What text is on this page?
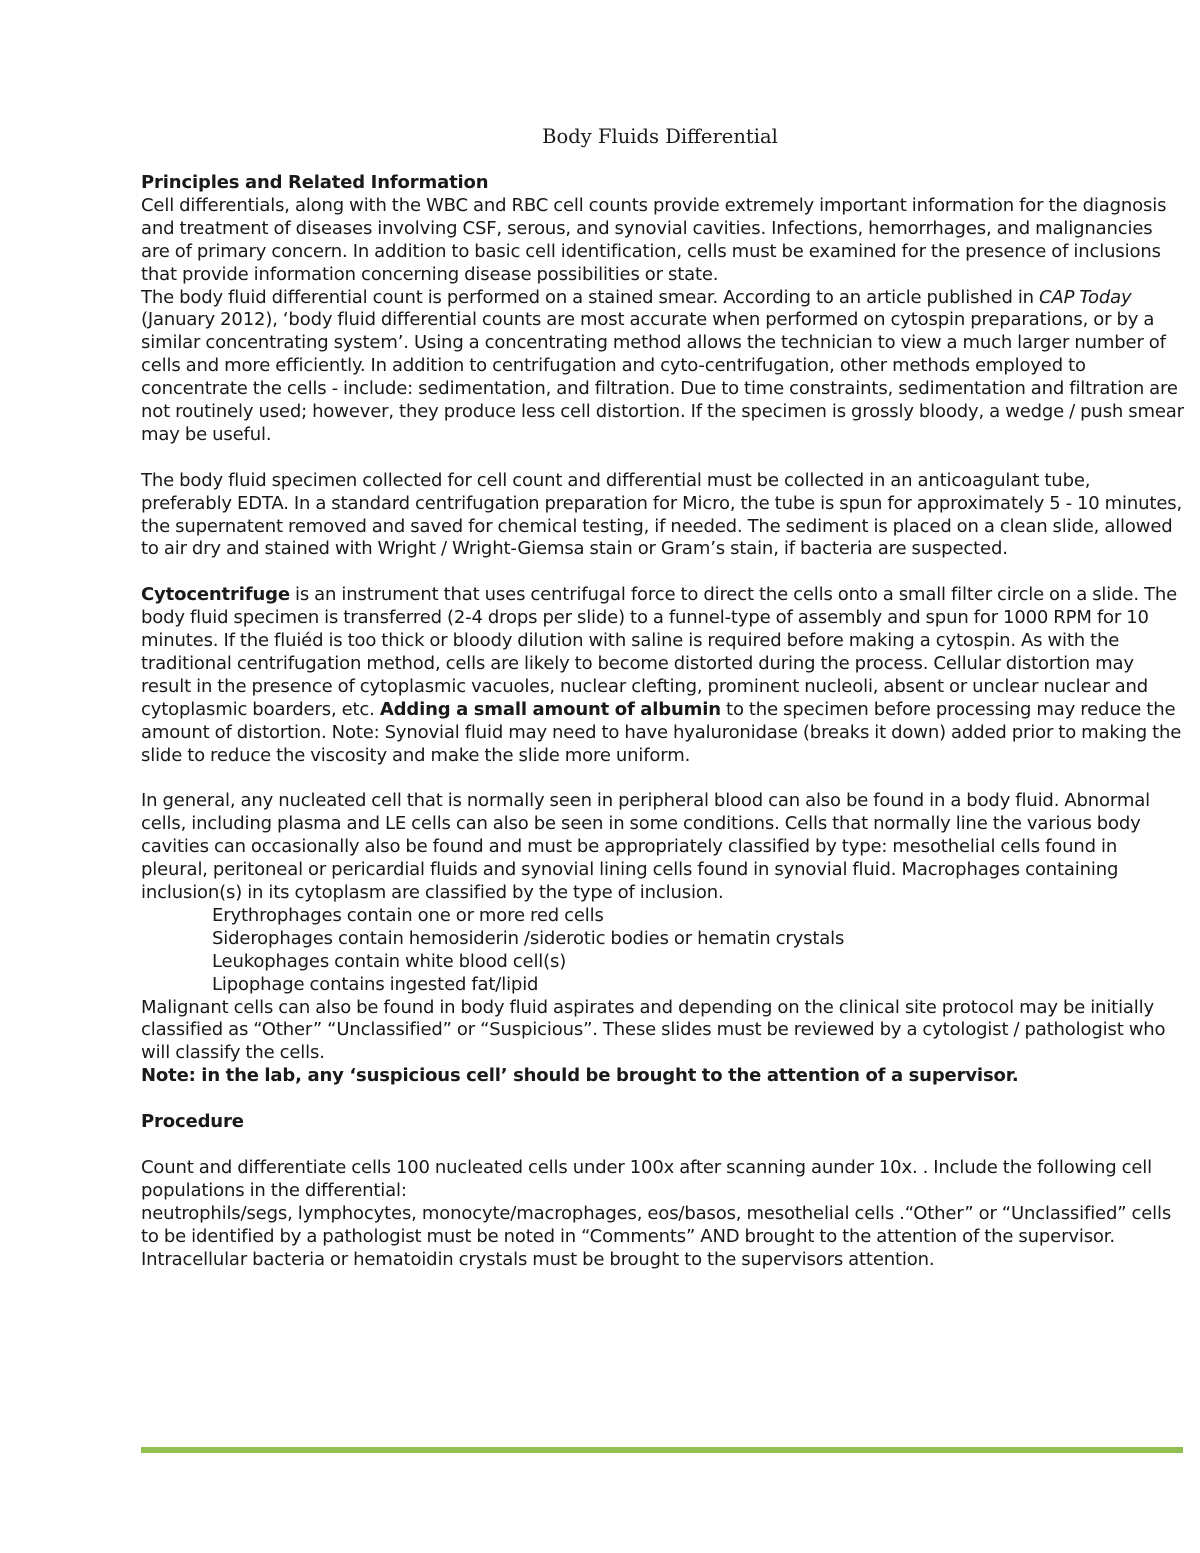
Body Fluids Differential

Principles and Related Information

Cell differentials, along with the WBC and RBC cell counts provide extremely important information for the diagnosis and treatment of diseases involving CSF, serous, and synovial cavities. Infections, hemorrhages, and malignancies are of primary concern. In addition to basic cell identification, cells must be examined for the presence of inclusions that provide information concerning disease possibilities or state.

The body fluid differential count is performed on a stained smear. According to an article published in CAP Today (January 2012), ‘body fluid differential counts are most accurate when performed on cytospin preparations, or by a similar concentrating system’. Using a concentrating method allows the technician to view a much larger number of cells and more efficiently. In addition to centrifugation and cyto-centrifugation, other methods employed to concentrate the cells - include: sedimentation, and filtration. Due to time constraints, sedimentation and filtration are not routinely used; however, they produce less cell distortion. If the specimen is grossly bloody, a wedge / push smear may be useful.

The body fluid specimen collected for cell count and differential must be collected in an anticoagulant tube, preferably EDTA. In a standard centrifugation preparation for Micro, the tube is spun for approximately 5 - 10 minutes, the supernatent removed and saved for chemical testing, if needed. The sediment is placed on a clean slide, allowed to air dry and stained with Wright / Wright-Giemsa stain or Gram’s stain, if bacteria are suspected.

Cytocentrifuge is an instrument that uses centrifugal force to direct the cells onto a small filter circle on a slide. The body fluid specimen is transferred (2-4 drops per slide) to a funnel-type of assembly and spun for 1000 RPM for 10 minutes. If the fluiéd is too thick or bloody dilution with saline is required before making a cytospin. As with the traditional centrifugation method, cells are likely to become distorted during the process. Cellular distortion may result in the presence of cytoplasmic vacuoles, nuclear clefting, prominent nucleoli, absent or unclear nuclear and cytoplasmic boarders, etc. Adding a small amount of albumin to the specimen before processing may reduce the amount of distortion. Note: Synovial fluid may need to have hyaluronidase (breaks it down) added prior to making the slide to reduce the viscosity and make the slide more uniform.

In general, any nucleated cell that is normally seen in peripheral blood can also be found in a body fluid. Abnormal cells, including plasma and LE cells can also be seen in some conditions. Cells that normally line the various body cavities can occasionally also be found and must be appropriately classified by type: mesothelial cells found in pleural, peritoneal or pericardial fluids and synovial lining cells found in synovial fluid. Macrophages containing inclusion(s) in its cytoplasm are classified by the type of inclusion.

Erythrophages contain one or more red cells

Siderophages contain hemosiderin /siderotic bodies or hematin crystals

Leukophages contain white blood cell(s)

Lipophage contains ingested fat/lipid

Malignant cells can also be found in body fluid aspirates and depending on the clinical site protocol may be initially classified as “Other” “Unclassified” or “Suspicious”. These slides must be reviewed by a cytologist / pathologist who will classify the cells.

Note: in the lab, any ‘suspicious cell’ should be brought to the attention of a supervisor.

Procedure

Count and differentiate cells 100 nucleated cells under 100x after scanning aunder 10x. . Include the following cell populations in the differential:

neutrophils/segs, lymphocytes, monocyte/macrophages, eos/basos, mesothelial cells .“Other” or “Unclassified” cells to be identified by a pathologist must be noted in “Comments” AND brought to the attention of the supervisor.

Intracellular bacteria or hematoidin crystals must be brought to the supervisors attention.
